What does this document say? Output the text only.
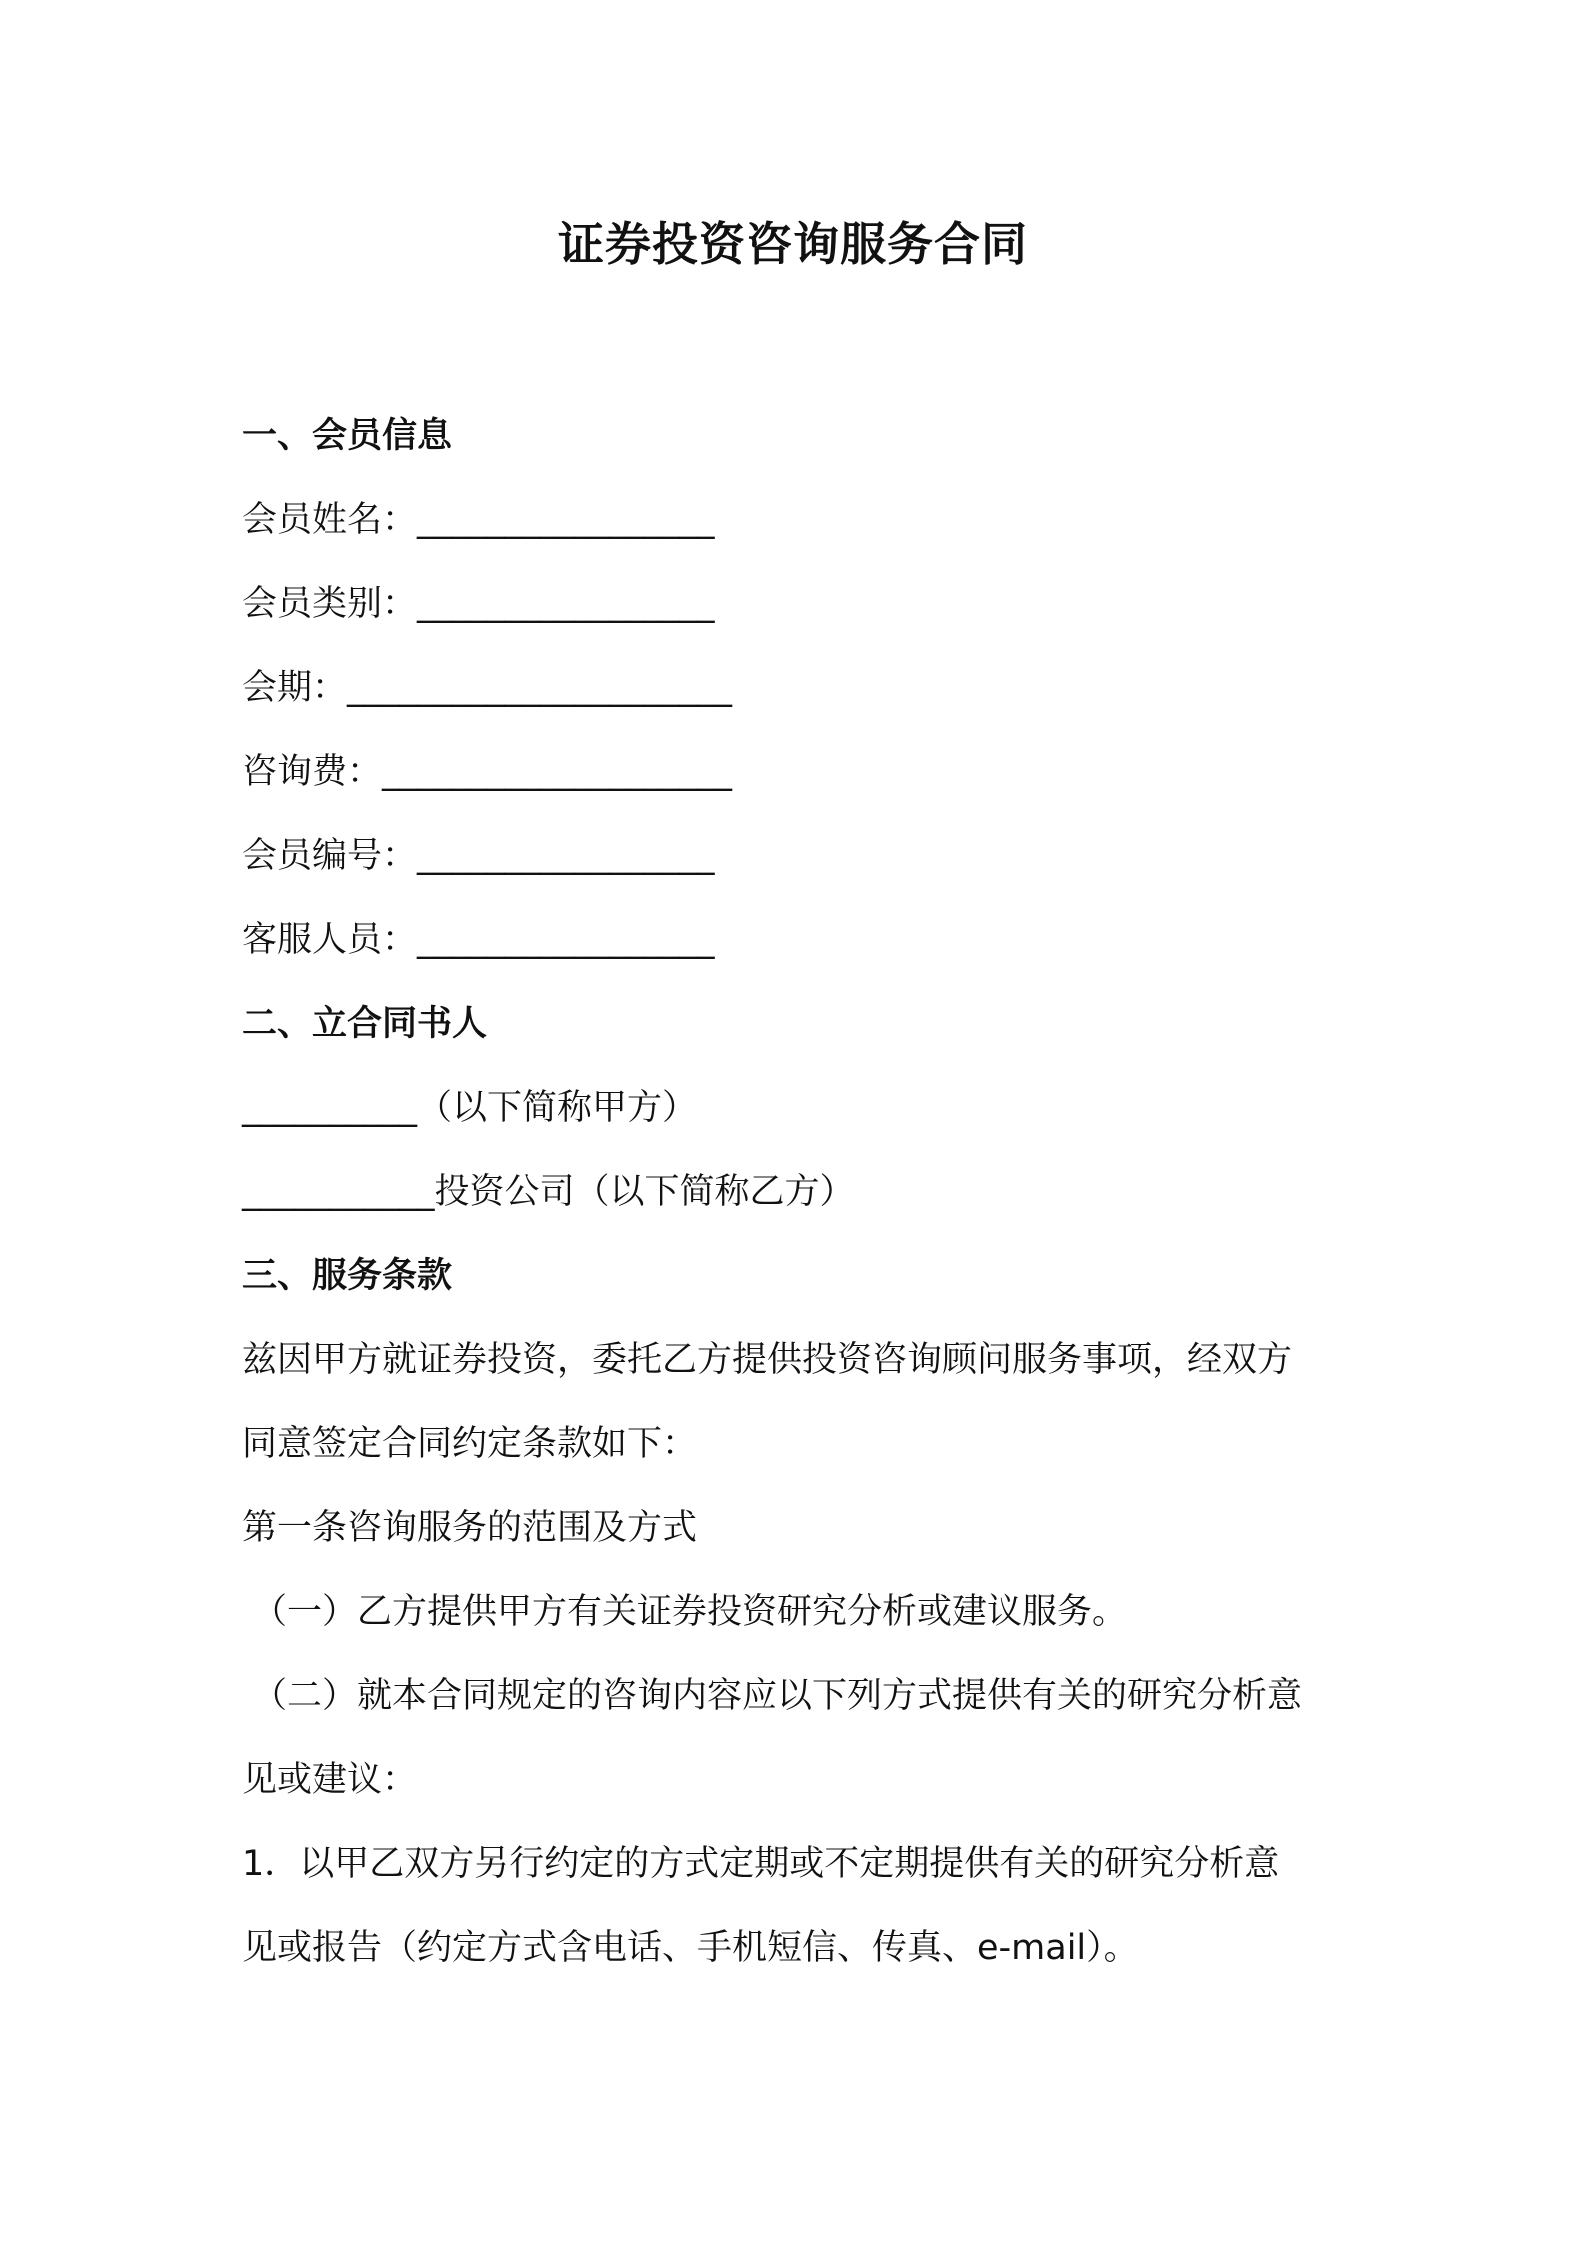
证券投资咨询服务合同
一、会员信息
会员姓名：_________________
会员类别：_________________
会期：______________________
咨询费：____________________
会员编号：_________________
客服人员：_________________
二、立合同书人
__________（以下简称甲方）
___________投资公司（以下简称乙方）
三、服务条款
兹因甲方就证券投资，委托乙方提供投资咨询顾问服务事项，经双方
同意签定合同约定条款如下：
第一条咨询服务的范围及方式
（一）乙方提供甲方有关证券投资研究分析或建议服务。
（二）就本合同规定的咨询内容应以下列方式提供有关的研究分析意
见或建议：
1．以甲乙双方另行约定的方式定期或不定期提供有关的研究分析意
见或报告（约定方式含电话、手机短信、传真、e-mail）。
